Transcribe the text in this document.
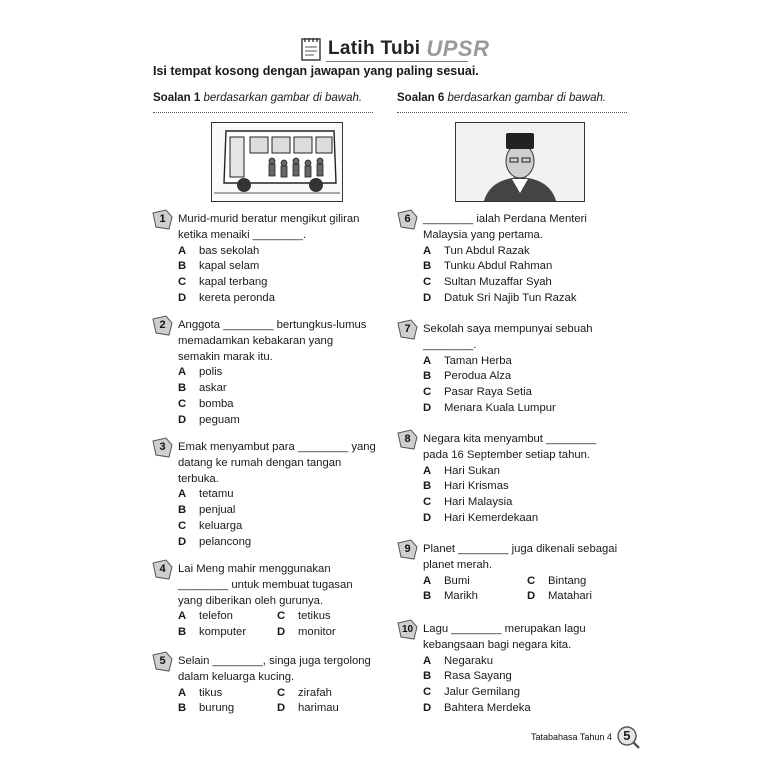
Latih Tubi UPSR
Isi tempat kosong dengan jawapan yang paling sesuai.
Soalan 1 berdasarkan gambar di bawah.	Soalan 6 berdasarkan gambar di bawah.
1	Murid-murid beratur mengikut giliran
ketika menaiki ________.
A	bas sekolah
B	kapal selam
C	kapal terbang
D	kereta peronda
2	Anggota ________ bertungkus-lumus
memadamkan kebakaran yang
semakin marak itu.
A	polis
B	askar
C	bomba
D	peguam
3	Emak menyambut para ________ yang
datang ke rumah dengan tangan
terbuka.
A	tetamu
B	penjual
C	keluarga
D	pelancong
4	Lai Meng mahir menggunakan
________ untuk membuat tugasan
yang diberikan oleh gurunya.
A	telefon	C	tetikus
B	komputer	D	monitor
5	Selain ________, singa juga tergolong
dalam keluarga kucing.
A	tikus	C	zirafah
B	burung	D	harimau
6	________ ialah Perdana Menteri
Malaysia yang pertama.
A	Tun Abdul Razak
B	Tunku Abdul Rahman
C	Sultan Muzaffar Syah
D	Datuk Sri Najib Tun Razak
7	Sekolah saya mempunyai sebuah
________.
A	Taman Herba
B	Perodua Alza
C	Pasar Raya Setia
D	Menara Kuala Lumpur
8	Negara kita menyambut ________
pada 16 September setiap tahun.
A	Hari Sukan
B	Hari Krismas
C	Hari Malaysia
D	Hari Kemerdekaan
9	Planet ________ juga dikenali sebagai
planet merah.
A	Bumi	C	Bintang
B	Marikh	D	Matahari
10 Lagu ________ merupakan lagu
kebangsaan bagi negara kita.
A	Negaraku
B	Rasa Sayang
C	Jalur Gemilang
D	Bahtera Merdeka
Tatabahasa Tahun 4 5
